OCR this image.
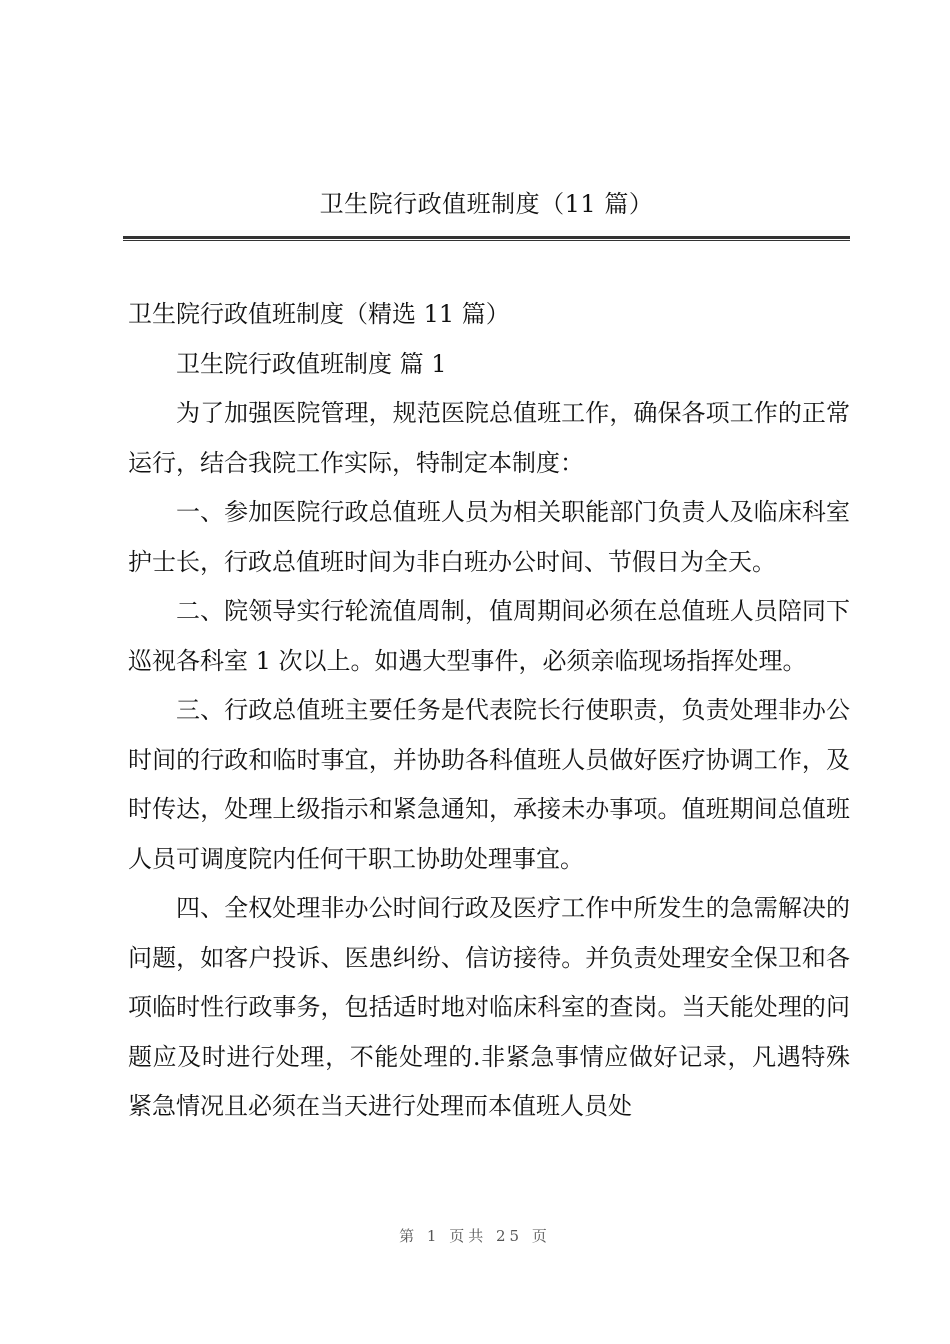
卫生院行政值班制度（11 篇）

卫生院行政值班制度（精选 11 篇）

卫生院行政值班制度 篇 1

为了加强医院管理，规范医院总值班工作，确保各项工作的正常运行，结合我院工作实际，特制定本制度：

一、参加医院行政总值班人员为相关职能部门负责人及临床科室护士长，行政总值班时间为非白班办公时间、节假日为全天。

二、院领导实行轮流值周制，值周期间必须在总值班人员陪同下巡视各科室 1 次以上。如遇大型事件，必须亲临现场指挥处理。

三、行政总值班主要任务是代表院长行使职责，负责处理非办公时间的行政和临时事宜，并协助各科值班人员做好医疗协调工作，及时传达，处理上级指示和紧急通知，承接未办事项。值班期间总值班人员可调度院内任何干职工协助处理事宜。

四、全权处理非办公时间行政及医疗工作中所发生的急需解决的问题，如客户投诉、医患纠纷、信访接待。并负责处理安全保卫和各项临时性行政事务，包括适时地对临床科室的查岗。当天能处理的问题应及时进行处理，不能处理的.非紧急事情应做好记录，凡遇特殊紧急情况且必须在当天进行处理而本值班人员处

第 1 页共 25 页
